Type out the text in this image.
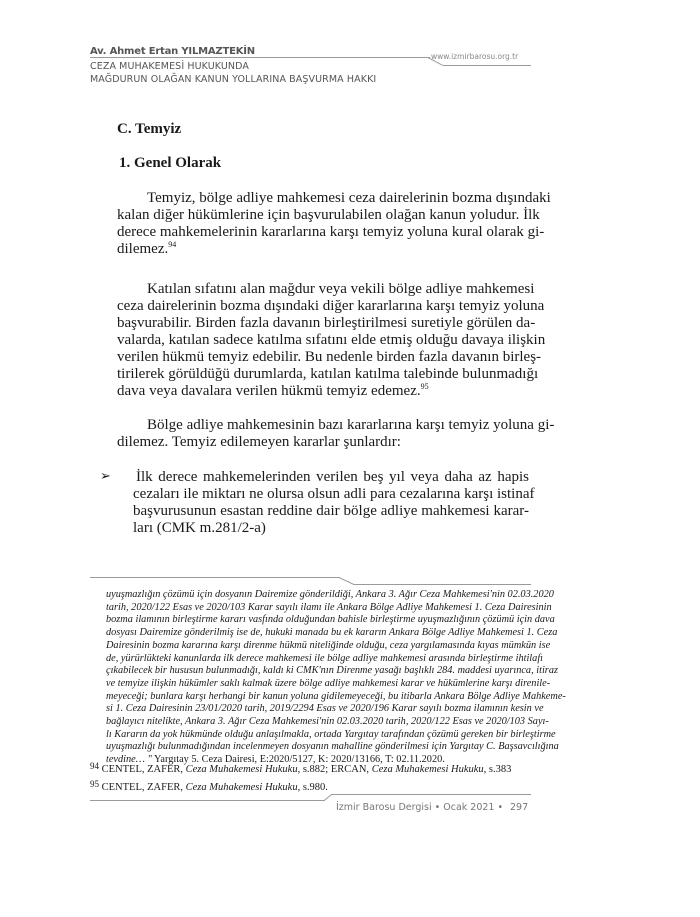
Av. Ahmet Ertan YILMAZTEKİN	www.izmirbarosu.org.tr
CEZA MUHAKEMESİ HUKUKUNDA
MAĞDURUN OLAĞAN KANUN YOLLARINA BAŞVURMA HAKKI
C. Temyiz
1. Genel Olarak
Temyiz, bölge adliye mahkemesi ceza dairelerinin bozma dışındaki
kalan diğer hükümlerine için başvurulabilen olağan kanun yoludur. İlk
derece mahkemelerinin kararlarına karşı temyiz yoluna kural olarak gi-
dilemez.$^{94}$
Katılan sıfatını alan mağdur veya vekili bölge adliye mahkemesi
ceza dairelerinin bozma dışındaki diğer kararlarına karşı temyiz yoluna
başvurabilir. Birden fazla davanın birleştirilmesi suretiyle görülen da-
valarda, katılan sadece katılma sıfatını elde etmiş olduğu davaya ilişkin
verilen hükmü temyiz edebilir. Bu nedenle birden fazla davanın birleş-
tirilerek görüldüğü durumlarda, katılan katılma talebinde bulunmadığı
dava veya davalara verilen hükmü temyiz edemez.$^{95}$
Bölge adliye mahkemesinin bazı kararlarına karşı temyiz yoluna gi-
dilemez. Temyiz edilemeyen kararlar şunlardır:
➢ İlk derece mahkemelerinden verilen beş yıl veya daha az hapis
cezaları ile miktarı ne olursa olsun adli para cezalarına karşı istinaf
başvurusunun esastan reddine dair bölge adliye mahkemesi karar-
ları (CMK m.281/2-a)
uyuşmazlığın çözümü için dosyanın Dairemize gönderildiği, Ankara 3. Ağır Ceza Mahkemesi'nin 02.03.2020
tarih, 2020/122 Esas ve 2020/103 Karar sayılı ilamı ile Ankara Bölge Adliye Mahkemesi 1. Ceza Dairesinin
bozma ilamının birleştirme kararı vasfında olduğundan bahisle birleştirme uyuşmazlığının çözümü için dava
dosyası Dairemize gönderilmiş ise de, hukuki manada bu ek kararın Ankara Bölge Adliye Mahkemesi 1. Ceza
Dairesinin bozma kararına karşı direnme hükmü niteliğinde olduğu, ceza yargılamasında kıyas mümkün ise
de, yürürlükteki kanunlarda ilk derece mahkemesi ile bölge adliye mahkemesi arasında birleştirme ihtilafı
çıkabilecek bir hususun bulunmadığı, kaldı ki CMK'nın Direnme yasağı başlıklı 284. maddesi uyarınca, itiraz
ve temyize ilişkin hükümler saklı kalmak üzere bölge adliye mahkemesi karar ve hükümlerine karşı direnile-
meyeceği; bunlara karşı herhangi bir kanun yoluna gidilemeyeceği, bu itibarla Ankara Bölge Adliye Mahkeme-
si 1. Ceza Dairesinin 23/01/2020 tarih, 2019/2294 Esas ve 2020/196 Karar sayılı bozma ilamının kesin ve
bağlayıcı nitelikte, Ankara 3. Ağır Ceza Mahkemesi'nin 02.03.2020 tarih, 2020/122 Esas ve 2020/103 Sayı-
lı Kararın da yok hükmünde olduğu anlaşılmakla, ortada Yargıtay tarafından çözümü gereken bir birleştirme
uyuşmazlığı bulunmadığından incelenmeyen dosyanın mahalline gönderilmesi için Yargıtay C. Başsavcılığına
tevdine… " Yargıtay 5. Ceza Dairesi, E:2020/5127, K: 2020/13166, T: 02.11.2020.
$^{94}$ CENTEL, ZAFER, Ceza Muhakemesi Hukuku, s.882; ERCAN, Ceza Muhakemesi Hukuku, s.383
$^{95}$ CENTEL, ZAFER, Ceza Muhakemesi Hukuku, s.980.
İzmir Barosu Dergisi • Ocak 2021 • 297
